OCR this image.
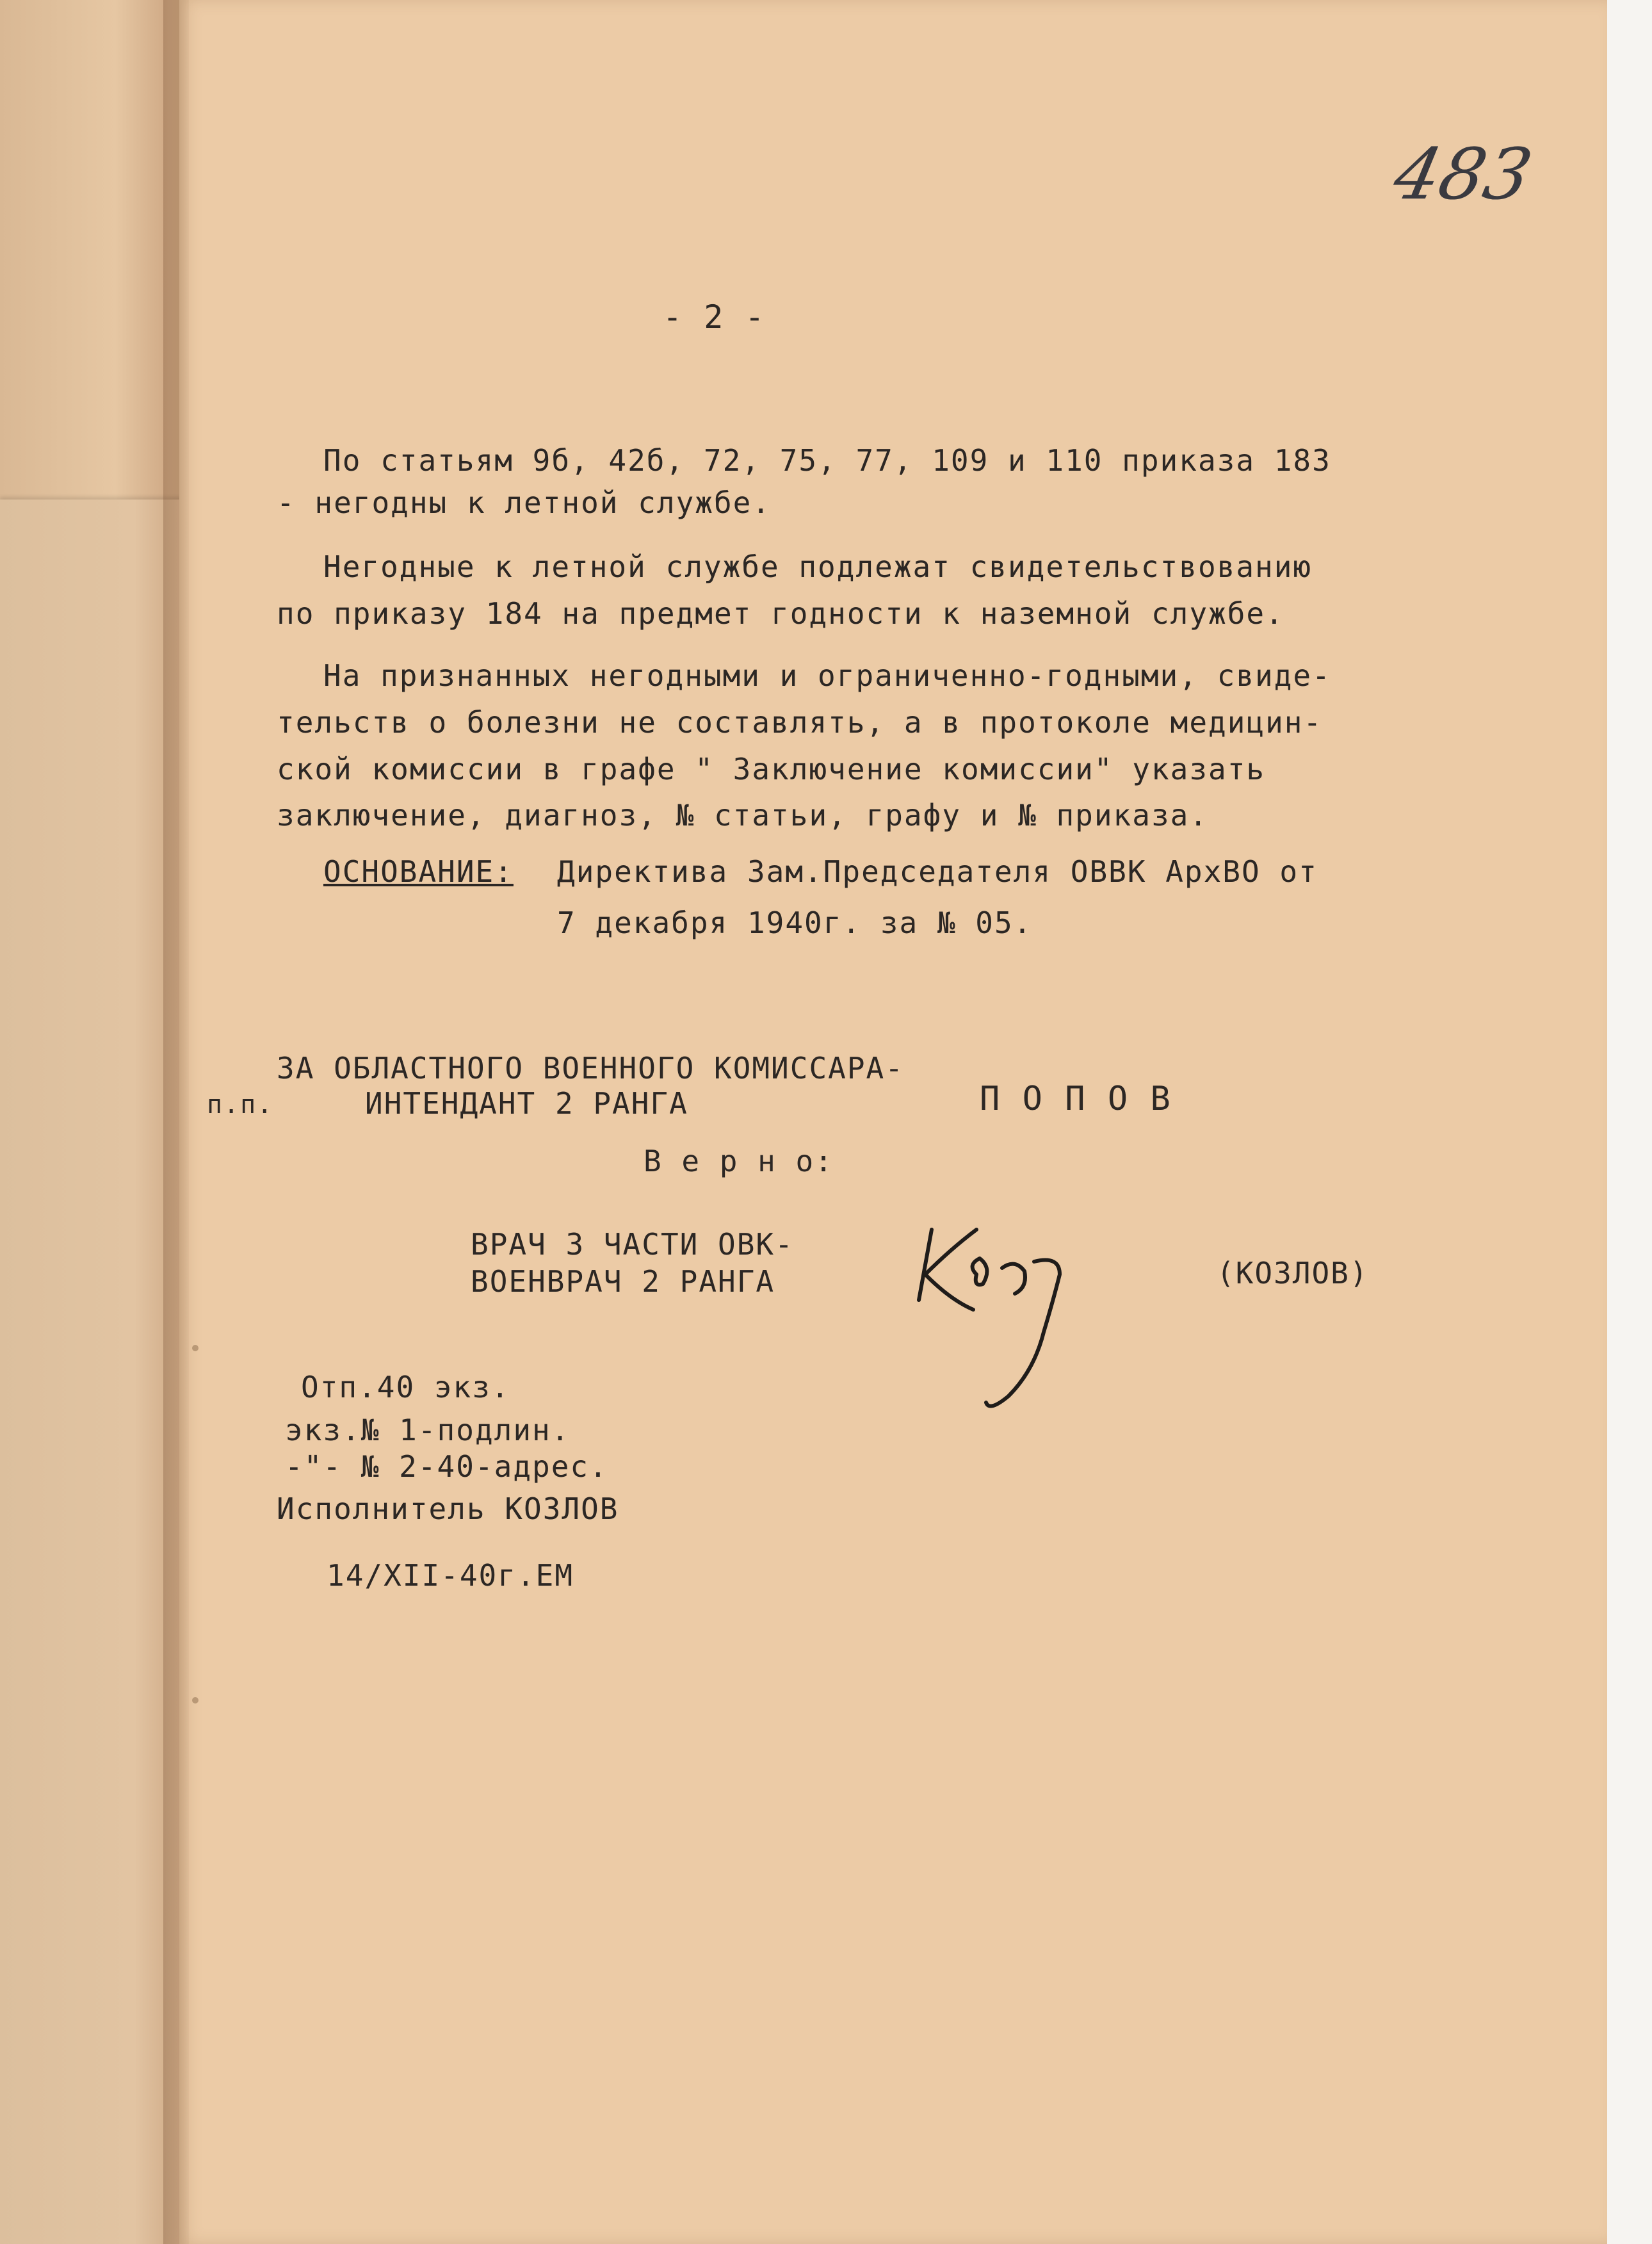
483
- 2 -
По статьям 9б, 42б, 72, 75, 77, 109 и 110 приказа 183
- негодны к летной службе.
Негодные к летной службе подлежат свидетельствованию
по приказу 184 на предмет годности к наземной службе.
На признанных негодными и ограниченно-годными, свиде-
тельств о болезни не составлять, а в протоколе медицин-
ской комиссии в графе " Заключение комиссии" указать
заключение, диагноз, № статьи, графу и № приказа.
ОСНОВАНИЕ: Директива Зам.Председателя ОВВК АрхВО от
7 декабря 1940г. за № 05.
ЗА ОБЛАСТНОГО ВОЕННОГО КОМИССАРА-
п.п.	ИНТЕНДАНТ 2 РАНГА	П О П О В
В е р н о:
ВРАЧ 3 ЧАСТИ ОВК-
ВОЕНВРАЧ 2 РАНГА	(КОЗЛОВ)
Отп.40 экз.
экз.№ 1-подлин.
-"- № 2-40-адрес.
Исполнитель КОЗЛОВ
14/XII-40г.ЕМ
